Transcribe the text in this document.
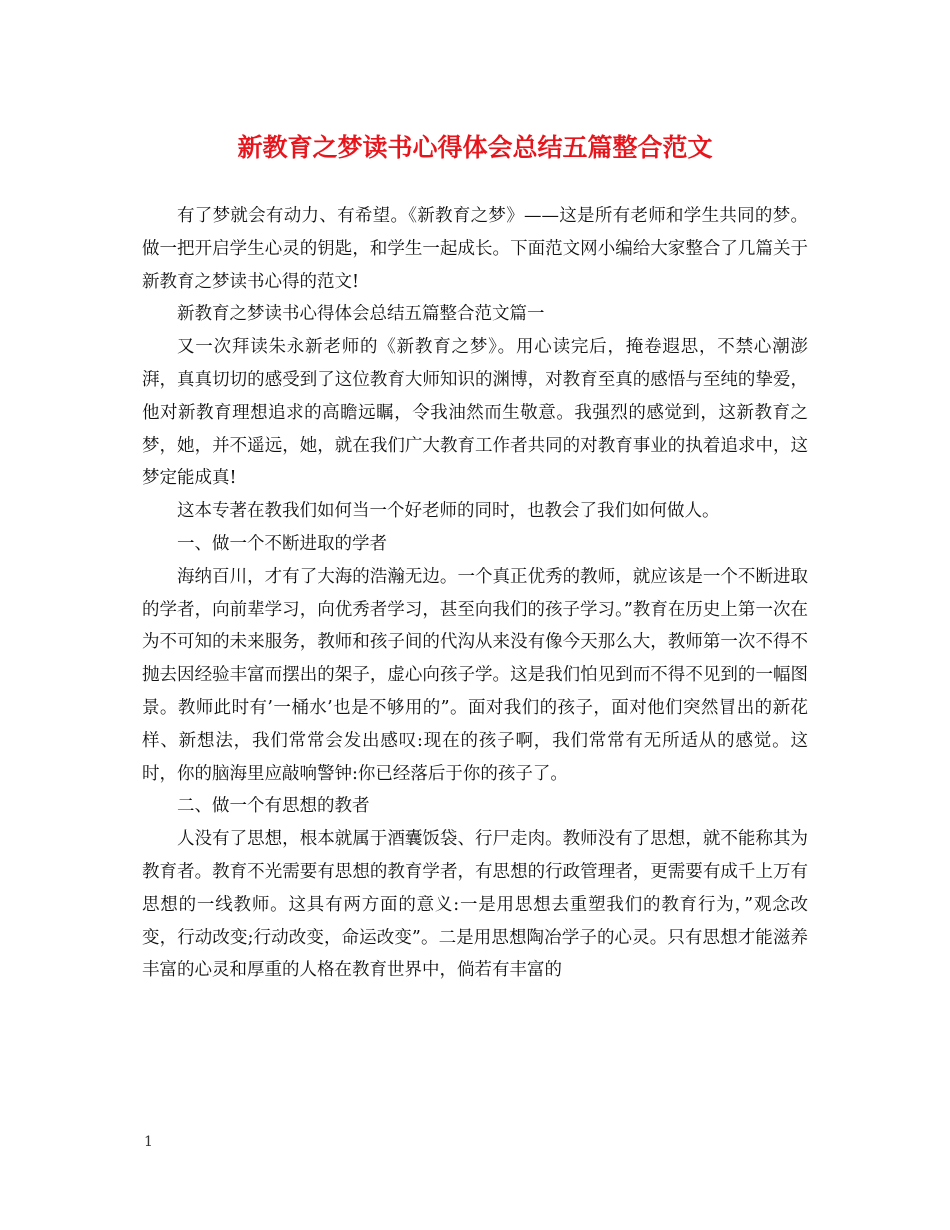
新教育之梦读书心得体会总结五篇整合范文

有了梦就会有动力、有希望。《新教育之梦》——这是所有老师和学生共同的梦。做一把开启学生心灵的钥匙，和学生一起成长。下面范文网小编给大家整合了几篇关于新教育之梦读书心得的范文!

新教育之梦读书心得体会总结五篇整合范文篇一

又一次拜读朱永新老师的《新教育之梦》。用心读完后，掩卷遐思，不禁心潮澎湃，真真切切的感受到了这位教育大师知识的渊博，对教育至真的感悟与至纯的挚爱，他对新教育理想追求的高瞻远瞩，令我油然而生敬意。我强烈的感觉到，这新教育之梦，她，并不遥远，她，就在我们广大教育工作者共同的对教育事业的执着追求中，这梦定能成真!

这本专著在教我们如何当一个好老师的同时，也教会了我们如何做人。

一、做一个不断进取的学者

海纳百川，才有了大海的浩瀚无边。一个真正优秀的教师，就应该是一个不断进取的学者，向前辈学习，向优秀者学习，甚至向我们的孩子学习。”教育在历史上第一次在为不可知的未来服务，教师和孩子间的代沟从来没有像今天那么大，教师第一次不得不抛去因经验丰富而摆出的架子，虚心向孩子学。这是我们怕见到而不得不见到的一幅图景。教师此时有’一桶水’也是不够用的”。面对我们的孩子，面对他们突然冒出的新花样、新想法，我们常常会发出感叹:现在的孩子啊，我们常常有无所适从的感觉。这时，你的脑海里应敲响警钟:你已经落后于你的孩子了。

二、做一个有思想的教者

人没有了思想，根本就属于酒囊饭袋、行尸走肉。教师没有了思想，就不能称其为教育者。教育不光需要有思想的教育学者，有思想的行政管理者，更需要有成千上万有思想的一线教师。这具有两方面的意义:一是用思想去重塑我们的教育行为，”观念改变，行动改变;行动改变，命运改变”。二是用思想陶冶学子的心灵。只有思想才能滋养丰富的心灵和厚重的人格在教育世界中，倘若有丰富的

1
